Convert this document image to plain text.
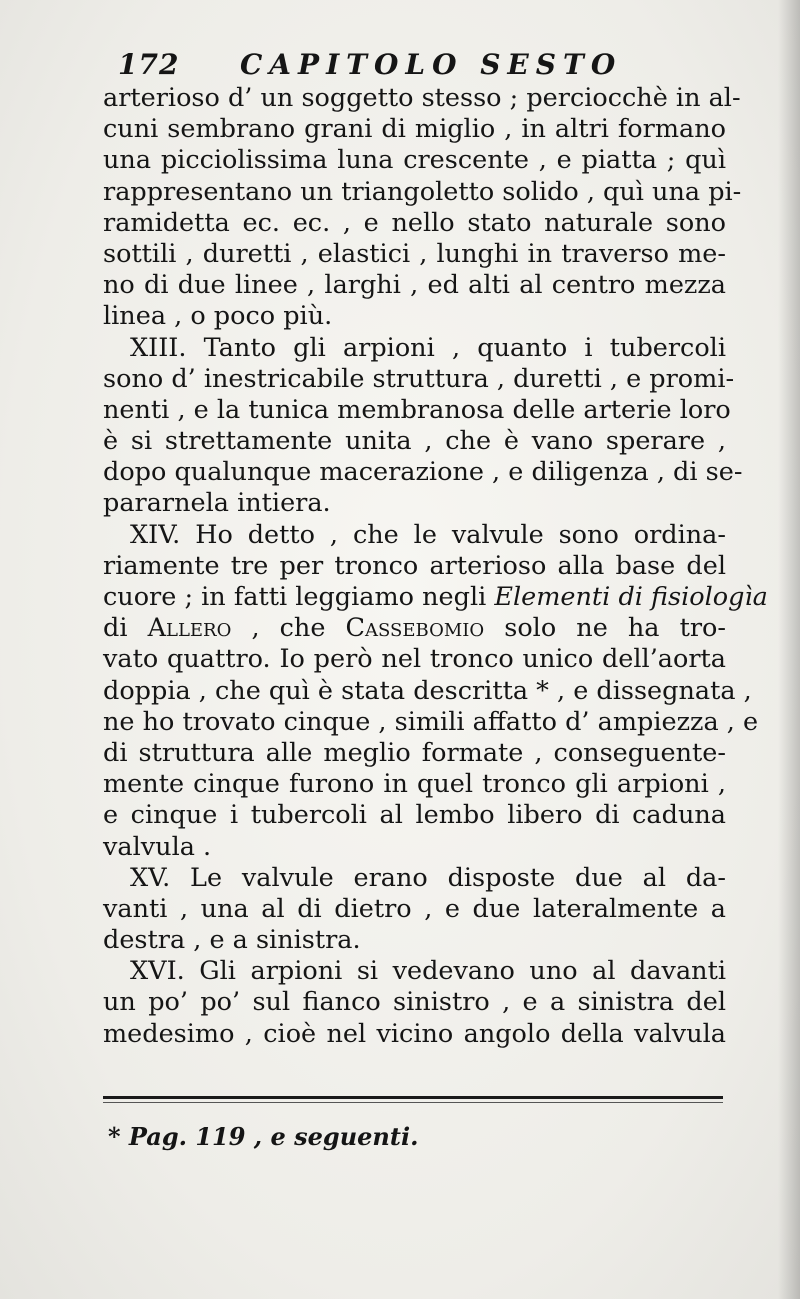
172 CAPITOLO SESTO
arterioso d’ un soggetto stesso ; perciocchè in al-
cuni sembrano grani di miglio , in altri formano
una picciolissima luna crescente , e piatta ; quì
rappresentano un triangoletto solido , quì una pi-
ramidetta ec. ec. , e nello stato naturale sono
sottili , duretti , elastici , lunghi in traverso me-
no di due linee , larghi , ed alti al centro mezza
linea , o poco più.
XIII. Tanto gli arpioni , quanto i tubercoli
sono d’ inestricabile struttura , duretti , e promi-
nenti , e la tunica membranosa delle arterie loro
è si strettamente unita , che è vano sperare ,
dopo qualunque macerazione , e diligenza , di se-
pararnela intiera.
XIV. Ho detto , che le valvule sono ordina-
riamente tre per tronco arterioso alla base del
cuore ; in fatti leggiamo negli Elementi di fisiologìa
di Allero , che Cassebomio solo ne ha tro-
vato quattro. Io però nel tronco unico dell’aorta
doppia , che quì è stata descritta * , e dissegnata ,
ne ho trovato cinque , simili affatto d’ ampiezza , e
di struttura alle meglio formate , conseguente-
mente cinque furono in quel tronco gli arpioni ,
e cinque i tubercoli al lembo libero di caduna
valvula .
XV. Le valvule erano disposte due al da-
vanti , una al di dietro , e due lateralmente a
destra , e a sinistra.
XVI. Gli arpioni si vedevano uno al davanti
un po’ po’ sul fianco sinistro , e a sinistra del
medesimo , cioè nel vicino angolo della valvula
* Pag. 119 , e seguenti.
